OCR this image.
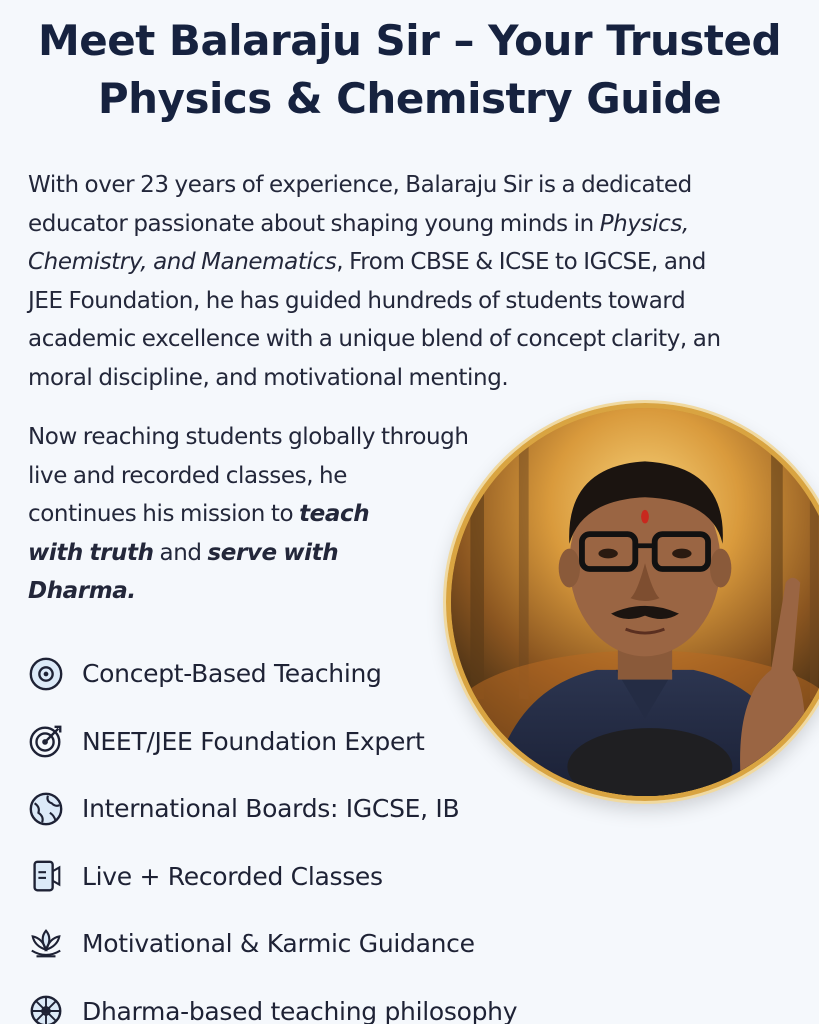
Meet Balaraju Sir – Your Trusted
Physics & Chemistry Guide

With over 23 years of experience, Balaraju Sir is a dedicated
educator passionate about shaping young minds in Physics,
Chemistry, and Manematics, From CBSE & ICSE to IGCSE, and
JEE Foundation, he has guided hundreds of students toward
academic excellence with a unique blend of concept clarity, an
moral discipline, and motivational menting.

Now reaching students globally through
live and recorded classes, he
continues his mission to teach
with truth and serve with
Dharma.

Concept-Based Teaching
NEET/JEE Foundation Expert
International Boards: IGCSE, IB
Live + Recorded Classes
Motivational & Karmic Guidance
Dharma-based teaching philosophy
